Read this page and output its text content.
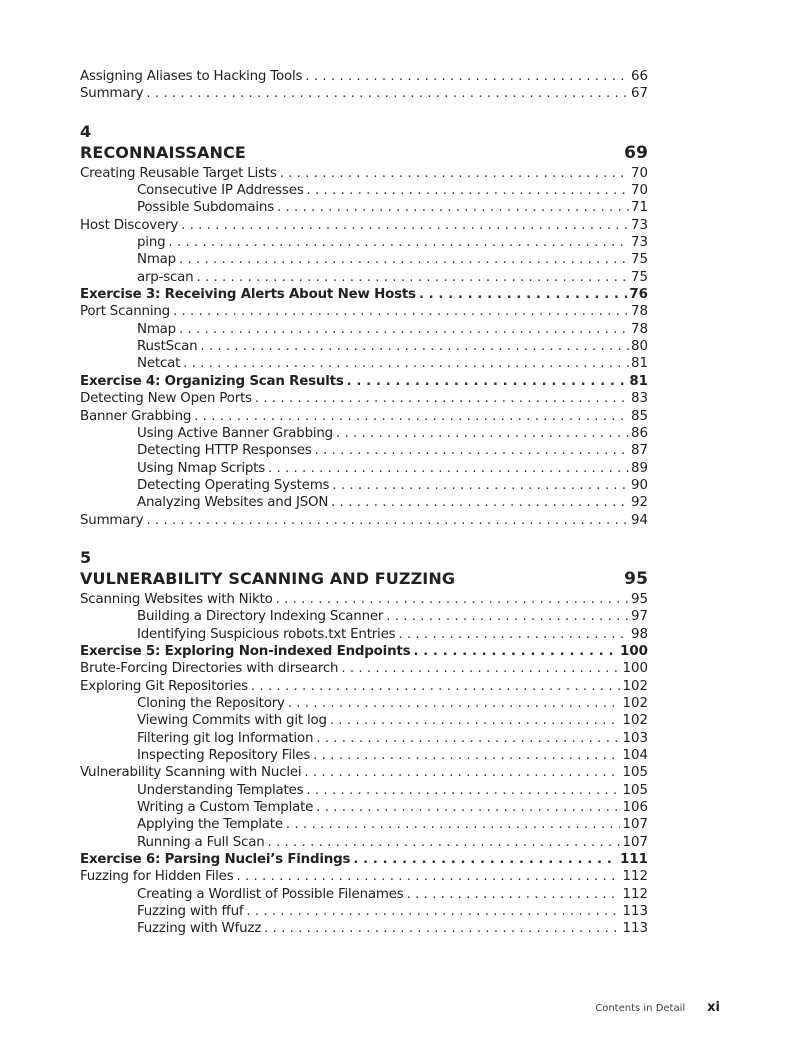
Assigning Aliases to Hacking Tools . . .	66
Summary . . .	67
4
RECONNAISSANCE	69
Creating Reusable Target Lists . . .	70
Consecutive IP Addresses . . .	70
Possible Subdomains . . .	71
Host Discovery . . .	73
ping . . .	73
Nmap . . .	75
arp-scan . . .	75
Exercise 3: Receiving Alerts About New Hosts . . .	76
Port Scanning . . .	78
Nmap . . .	78
RustScan . . .	80
Netcat . . .	81
Exercise 4: Organizing Scan Results . . .	81
Detecting New Open Ports . . .	83
Banner Grabbing . . .	85
Using Active Banner Grabbing . . .	86
Detecting HTTP Responses . . .	87
Using Nmap Scripts . . .	89
Detecting Operating Systems . . .	90
Analyzing Websites and JSON . . .	92
Summary . . .	94
5
VULNERABILITY SCANNING AND FUZZING	95
Scanning Websites with Nikto . . .	95
Building a Directory Indexing Scanner . . .	97
Identifying Suspicious robots.txt Entries . . .	98
Exercise 5: Exploring Non-indexed Endpoints . . .	100
Brute-Forcing Directories with dirsearch . . .	100
Exploring Git Repositories . . .	102
Cloning the Repository . . .	102
Viewing Commits with git log . . .	102
Filtering git log Information . . .	103
Inspecting Repository Files . . .	104
Vulnerability Scanning with Nuclei . . .	105
Understanding Templates . . .	105
Writing a Custom Template . . .	106
Applying the Template . . .	107
Running a Full Scan . . .	107
Exercise 6: Parsing Nuclei’s Findings . . .	111
Fuzzing for Hidden Files . . .	112
Creating a Wordlist of Possible Filenames . . .	112
Fuzzing with ffuf . . .	113
Fuzzing with Wfuzz . . .	113
Contents in Detail xi
